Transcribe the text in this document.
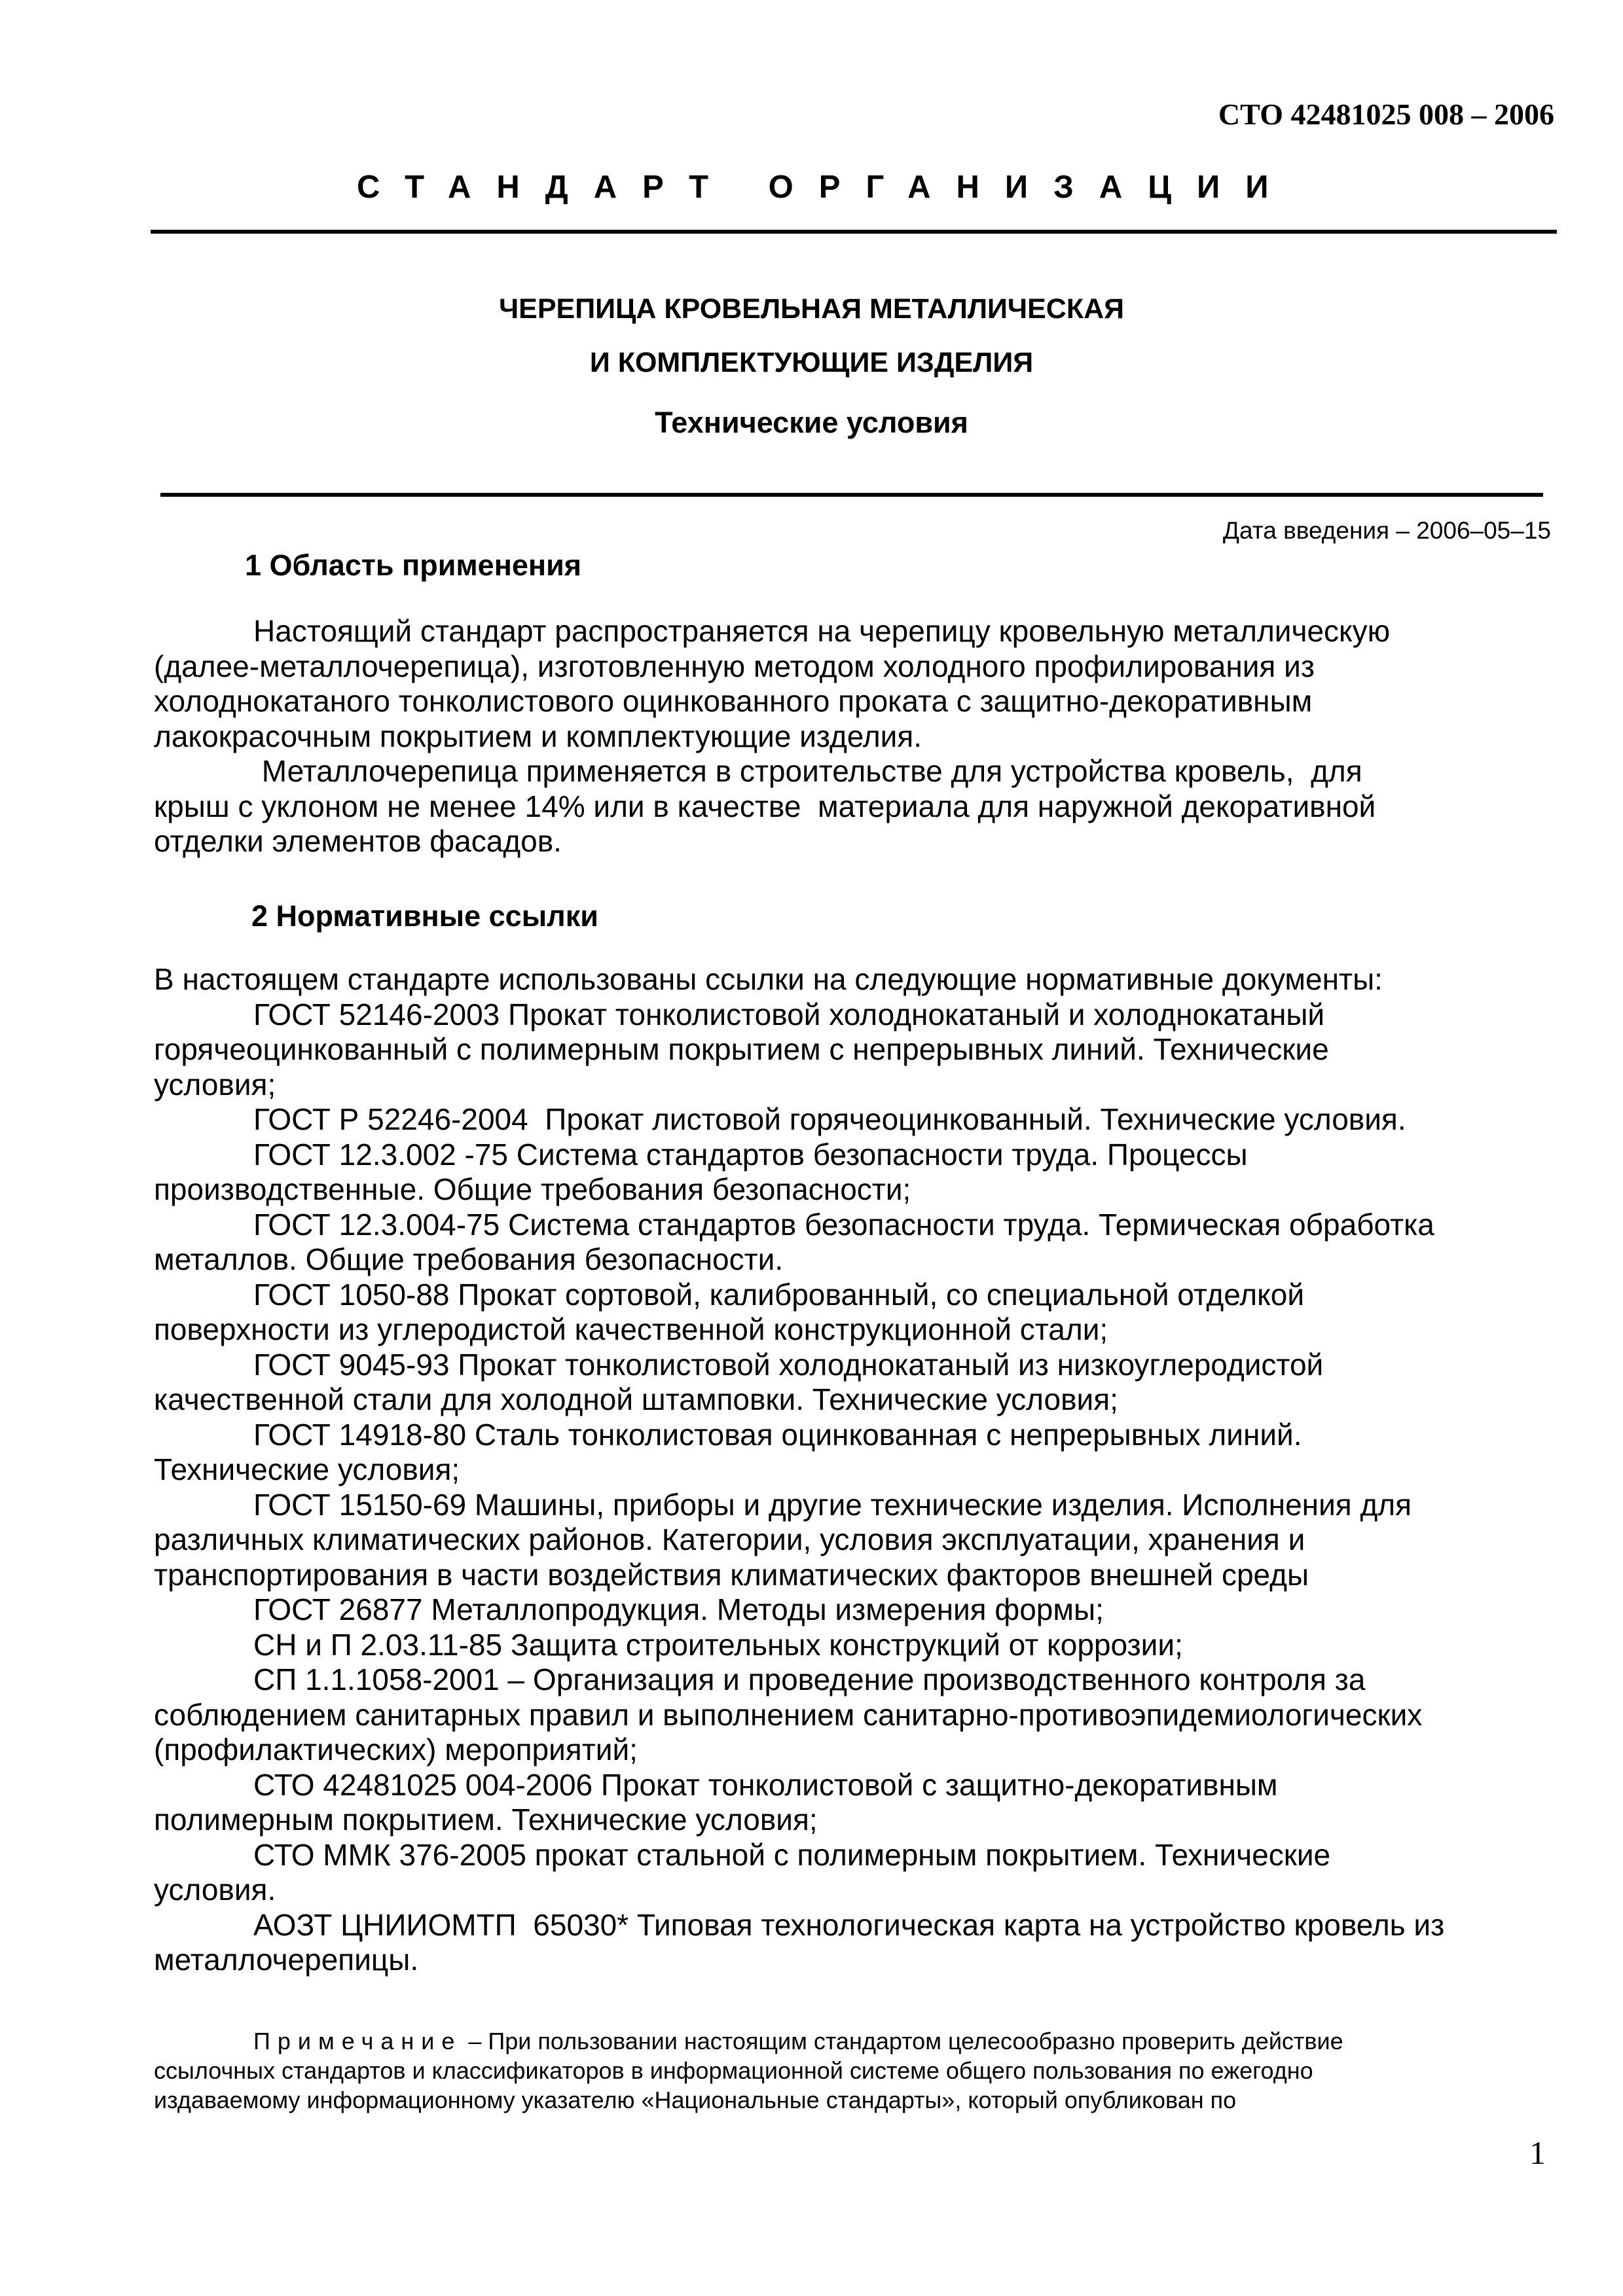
СТО 42481025 008 – 2006
СТАНДАРТ ОРГАНИЗАЦИИ
ЧЕРЕПИЦА КРОВЕЛЬНАЯ МЕТАЛЛИЧЕСКАЯ
И КОМПЛЕКТУЮЩИЕ ИЗДЕЛИЯ
Технические условия
Дата введения – 2006–05–15
1 Область применения
Настоящий стандарт распространяется на черепицу кровельную металлическую
(далее-металлочерепица), изготовленную методом холодного профилирования из
холоднокатаного тонколистового оцинкованного проката с защитно-декоративным
лакокрасочным покрытием и комплектующие изделия.
Металлочерепица применяется в строительстве для устройства кровель,  для
крыш с уклоном не менее 14% или в качестве  материала для наружной декоративной
отделки элементов фасадов.
2 Нормативные ссылки
В настоящем стандарте использованы ссылки на следующие нормативные документы:
ГОСТ 52146-2003 Прокат тонколистовой холоднокатаный и холоднокатаный
горячеоцинкованный с полимерным покрытием с непрерывных линий. Технические
условия;
ГОСТ Р 52246-2004  Прокат листовой горячеоцинкованный. Технические условия.
ГОСТ 12.3.002 -75 Система стандартов безопасности труда. Процессы
производственные. Общие требования безопасности;
ГОСТ 12.3.004-75 Система стандартов безопасности труда. Термическая обработка
металлов. Общие требования безопасности.
ГОСТ 1050-88 Прокат сортовой, калиброванный, со специальной отделкой
поверхности из углеродистой качественной конструкционной стали;
ГОСТ 9045-93 Прокат тонколистовой холоднокатаный из низкоуглеродистой
качественной стали для холодной штамповки. Технические условия;
ГОСТ 14918-80 Сталь тонколистовая оцинкованная с непрерывных линий.
Технические условия;
ГОСТ 15150-69 Машины, приборы и другие технические изделия. Исполнения для
различных климатических районов. Категории, условия эксплуатации, хранения и
транспортирования в части воздействия климатических факторов внешней среды
ГОСТ 26877 Металлопродукция. Методы измерения формы;
СН и П 2.03.11-85 Защита строительных конструкций от коррозии;
СП 1.1.1058-2001 – Организация и проведение производственного контроля за
соблюдением санитарных правил и выполнением санитарно-противоэпидемиологических
(профилактических) мероприятий;
СТО 42481025 004-2006 Прокат тонколистовой с защитно-декоративным
полимерным покрытием. Технические условия;
СТО ММК 376-2005 прокат стальной с полимерным покрытием. Технические
условия.
АОЗТ ЦНИИОМТП  65030* Типовая технологическая карта на устройство кровель из
металлочерепицы.
Примечание – При пользовании настоящим стандартом целесообразно проверить действие
ссылочных стандартов и классификаторов в информационной системе общего пользования по ежегодно
издаваемому информационному указателю «Национальные стандарты», который опубликован по
1
